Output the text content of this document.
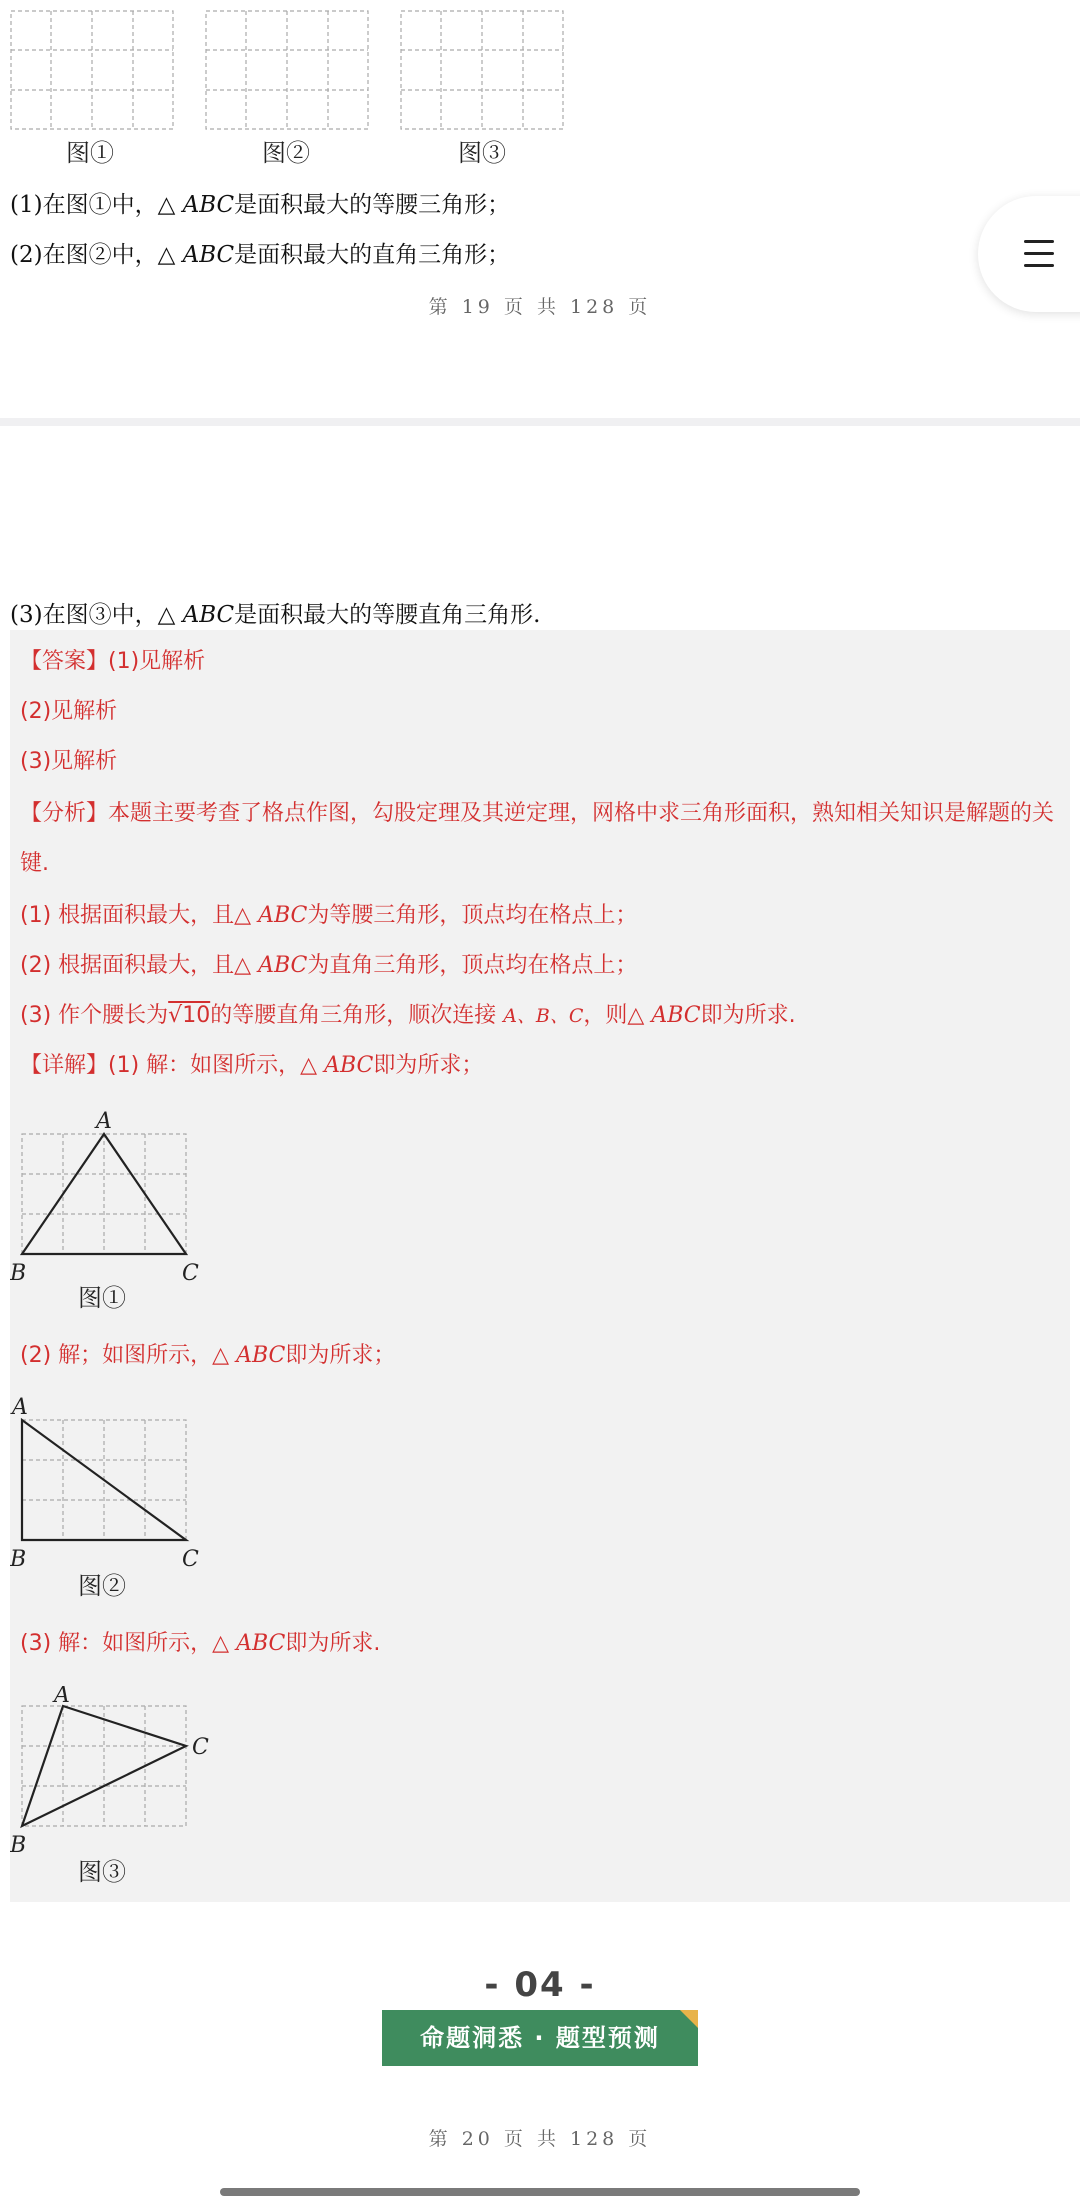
图①	图②	图③
(1)在图①中，△ ABC是面积最大的等腰三角形；
(2)在图②中，△ ABC是面积最大的直角三角形；
第 19 页 共 128 页
(3)在图③中，△ ABC是面积最大的等腰直角三角形.
【答案】(1)见解析
(2)见解析
(3)见解析
【分析】本题主要考查了格点作图，勾股定理及其逆定理，网格中求三角形面积，熟知相关知识是解题的关
键.
(1) 根据面积最大，且△ ABC为等腰三角形，顶点均在格点上；
(2) 根据面积最大，且△ ABC为直角三角形，顶点均在格点上；
(3) 作个腰长为√10的等腰直角三角形，顺次连接 A、B、C，则△ ABC即为所求.
【详解】(1) 解：如图所示，△ ABC即为所求；
A
B	C
图①
(2) 解；如图所示，△ ABC即为所求；
A
B	C
图②
(3) 解：如图所示，△ ABC即为所求.
A
B
C
图③
- 04 -
命题洞悉 · 题型预测
第 20 页 共 128 页
